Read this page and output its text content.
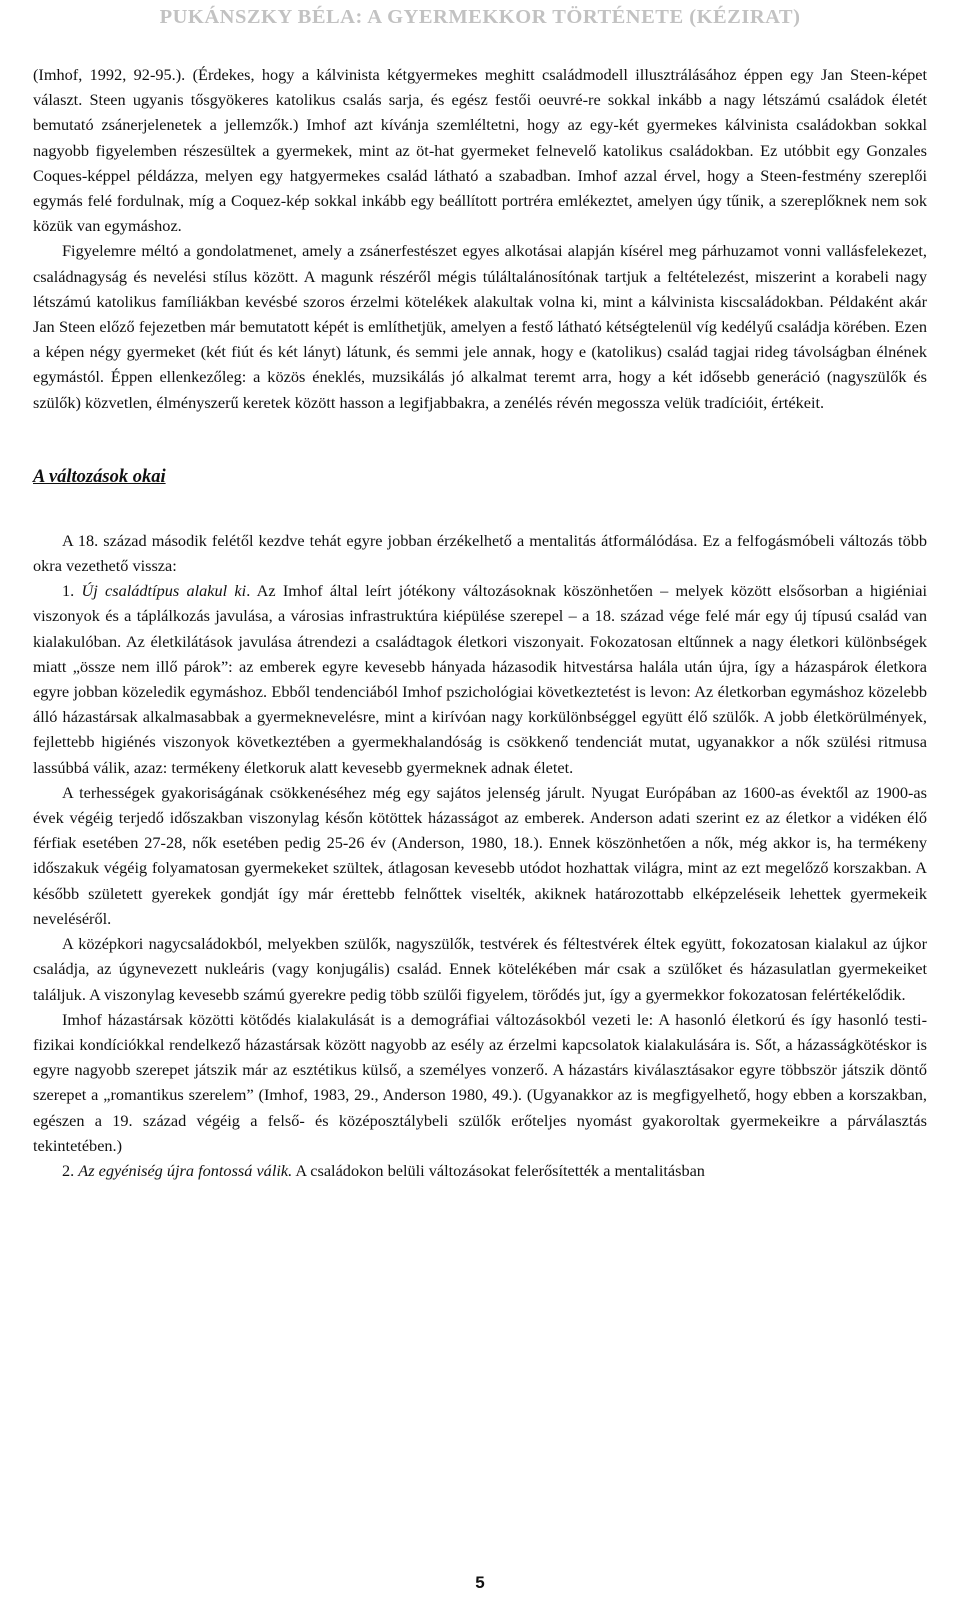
PUKÁNSZKY BÉLA: A GYERMEKKOR TÖRTÉNETE (KÉZIRAT)

(Imhof, 1992, 92-95.). (Érdekes, hogy a kálvinista kétgyermekes meghitt családmodell illusztrálásához éppen egy Jan Steen-képet választ. Steen ugyanis tősgyökeres katolikus csalás sarja, és egész festői oeuvré-re sokkal inkább a nagy létszámú családok életét bemutató zsánerjelenetek a jellemzők.) Imhof azt kívánja szemléltetni, hogy az egy-két gyermekes kálvinista családokban sokkal nagyobb figyelemben részesültek a gyermekek, mint az öt-hat gyermeket felnevelő katolikus családokban. Ez utóbbit egy Gonzales Coques-képpel példázza, melyen egy hatgyermekes család látható a szabadban. Imhof azzal érvel, hogy a Steen-festmény szereplői egymás felé fordulnak, míg a Coquez-kép sokkal inkább egy beállított portréra emlékeztet, amelyen úgy tűnik, a szereplőknek nem sok közük van egymáshoz.

Figyelemre méltó a gondolatmenet, amely a zsánerfestészet egyes alkotásai alapján kísérel meg párhuzamot vonni vallásfelekezet, családnagyság és nevelési stílus között. A magunk részéről mégis túláltalánosítónak tartjuk a feltételezést, miszerint a korabeli nagy létszámú katolikus famíliákban kevésbé szoros érzelmi kötelékek alakultak volna ki, mint a kálvinista kiscsaládokban. Példaként akár Jan Steen előző fejezetben már bemutatott képét is említhetjük, amelyen a festő látható kétségtelenül víg kedélyű családja körében. Ezen a képen négy gyermeket (két fiút és két lányt) látunk, és semmi jele annak, hogy e (katolikus) család tagjai rideg távolságban élnének egymástól. Éppen ellenkezőleg: a közös éneklés, muzsikálás jó alkalmat teremt arra, hogy a két idősebb generáció (nagyszülők és szülők) közvetlen, élményszerű keretek között hasson a legifjabbakra, a zenélés révén megossza velük tradícióit, értékeit.

A változások okai

A 18. század második felétől kezdve tehát egyre jobban érzékelhető a mentalitás átformálódása. Ez a felfogásmóbeli változás több okra vezethető vissza:

1. Új családtípus alakul ki. Az Imhof által leírt jótékony változásoknak köszönhetően – melyek között elsősorban a higiéniai viszonyok és a táplálkozás javulása, a városias infrastruktúra kiépülése szerepel – a 18. század vége felé már egy új típusú család van kialakulóban. Az életkilátások javulása átrendezi a családtagok életkori viszonyait. Fokozatosan eltűnnek a nagy életkori különbségek miatt „össze nem illő párok”: az emberek egyre kevesebb hányada házasodik hitvestársa halála után újra, így a házaspárok életkora egyre jobban közeledik egymáshoz. Ebből tendenciából Imhof pszichológiai következtetést is levon: Az életkorban egymáshoz közelebb álló házastársak alkalmasabbak a gyermeknevelésre, mint a kirívóan nagy korkülönbséggel együtt élő szülők. A jobb életkörülmények, fejlettebb higiénés viszonyok következtében a gyermekhalandóság is csökkenő tendenciát mutat, ugyanakkor a nők szülési ritmusa lassúbbá válik, azaz: termékeny életkoruk alatt kevesebb gyermeknek adnak életet.

A terhességek gyakoriságának csökkenéséhez még egy sajátos jelenség járult. Nyugat Európában az 1600-as évektől az 1900-as évek végéig terjedő időszakban viszonylag későn kötöttek házasságot az emberek. Anderson adati szerint ez az életkor a vidéken élő férfiak esetében 27-28, nők esetében pedig 25-26 év (Anderson, 1980, 18.). Ennek köszönhetően a nők, még akkor is, ha termékeny időszakuk végéig folyamatosan gyermekeket szültek, átlagosan kevesebb utódot hozhattak világra, mint az ezt megelőző korszakban. A később született gyerekek gondját így már érettebb felnőttek viselték, akiknek határozottabb elképzeléseik lehettek gyermekeik neveléséről.

A középkori nagycsaládokból, melyekben szülők, nagyszülők, testvérek és féltestvérek éltek együtt, fokozatosan kialakul az újkor családja, az úgynevezett nukleáris (vagy konjugális) család. Ennek kötelékében már csak a szülőket és házasulatlan gyermekeiket találjuk. A viszonylag kevesebb számú gyerekre pedig több szülői figyelem, törődés jut, így a gyermekkor fokozatosan felértékelődik.

Imhof házastársak közötti kötődés kialakulását is a demográfiai változásokból vezeti le: A hasonló életkorú és így hasonló testi-fizikai kondíciókkal rendelkező házastársak között nagyobb az esély az érzelmi kapcsolatok kialakulására is. Sőt, a házasságkötéskor is egyre nagyobb szerepet játszik már az esztétikus külső, a személyes vonzerő. A házastárs kiválasztásakor egyre többször játszik döntő szerepet a „romantikus szerelem” (Imhof, 1983, 29., Anderson 1980, 49.). (Ugyanakkor az is megfigyelhető, hogy ebben a korszakban, egészen a 19. század végéig a felső- és középosztálybeli szülők erőteljes nyomást gyakoroltak gyermekeikre a párválasztás tekintetében.)

2. Az egyéniség újra fontossá válik. A családokon belüli változásokat felerősítették a mentalitásban

5
